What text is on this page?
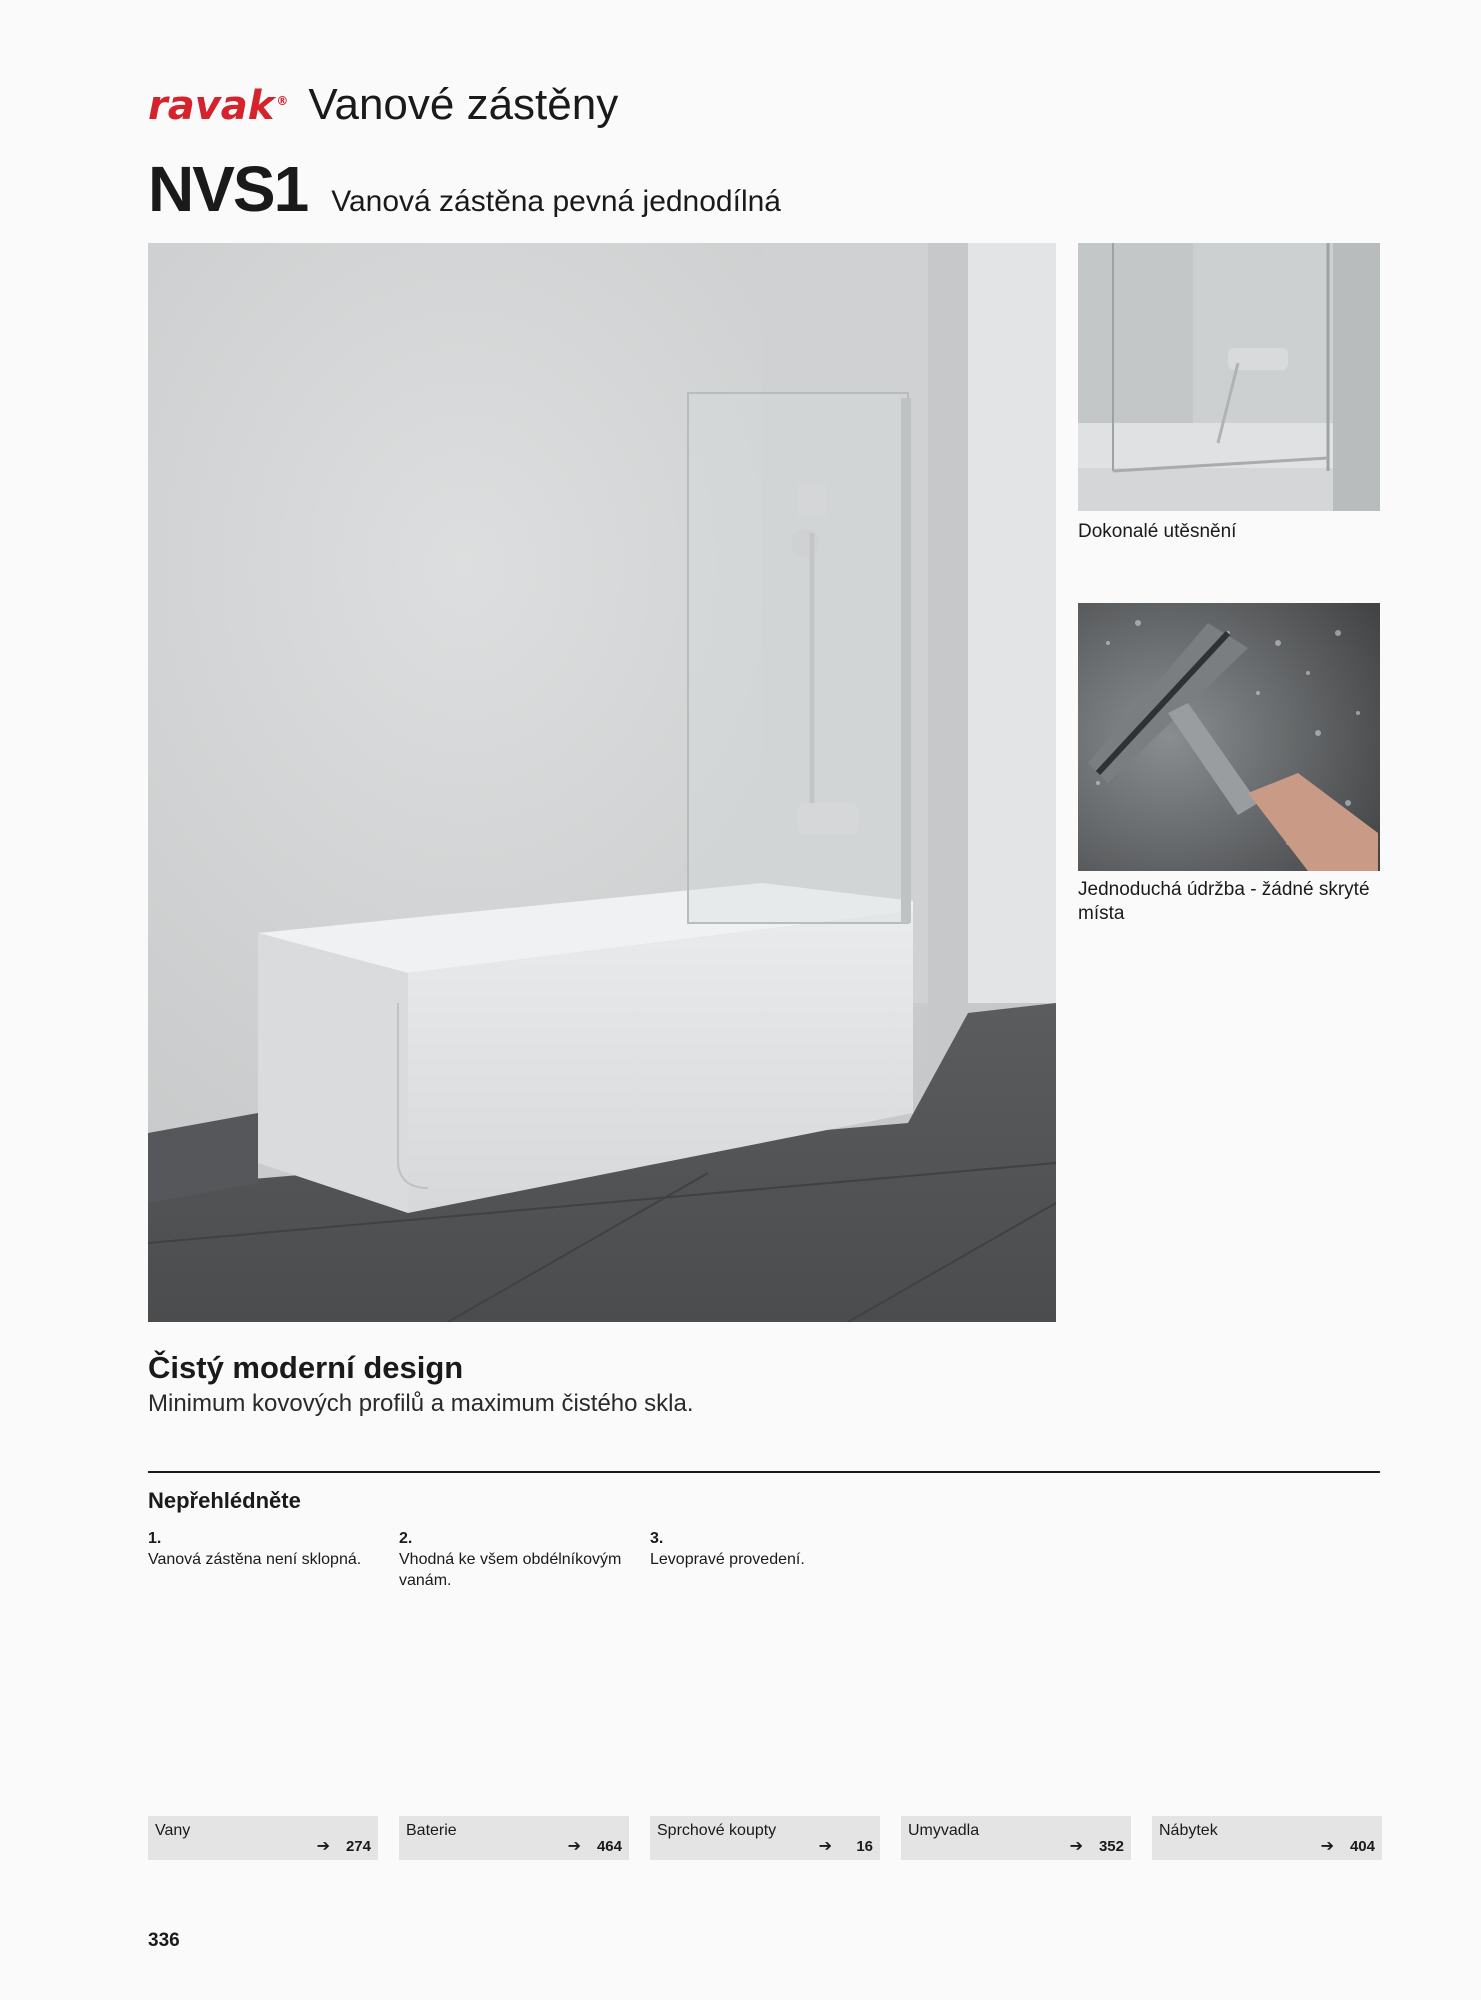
ravak ® Vanové zástěny
NVS1 Vanová zástěna pevná jednodílná
Dokonalé utěsnění
Jednoduchá údržba - žádné skryté místa
Čistý moderní design
Minimum kovových profilů a maximum čistého skla.
Nepřehlédněte
1.
Vanová zástěna není sklopná.
2.
Vhodná ke všem obdélníkovým vanám.
3.
Levopravé provedení.
Vany
➔ 274
Baterie
➔ 464
Sprchové koupty
➔ 16
Umyvadla
➔ 352
Nábytek
➔ 404
336
